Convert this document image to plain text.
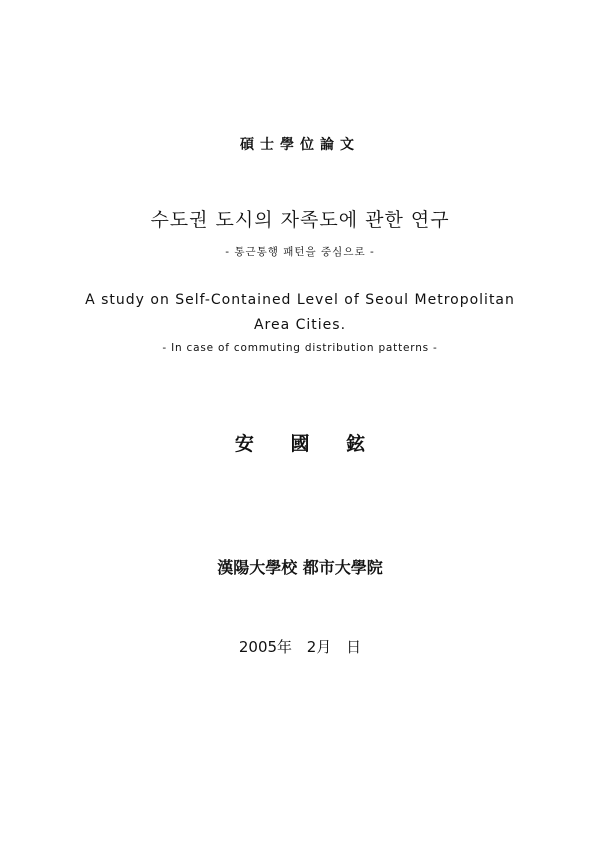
碩士學位論文
수도권 도시의 자족도에 관한 연구
- 통근통행 패턴을 중심으로 -
A study on Self-Contained Level of Seoul Metropolitan
Area Cities.
- In case of commuting distribution patterns -
安 國 鉉
漢陽大學校 都市大學院
2005年 2月 日
